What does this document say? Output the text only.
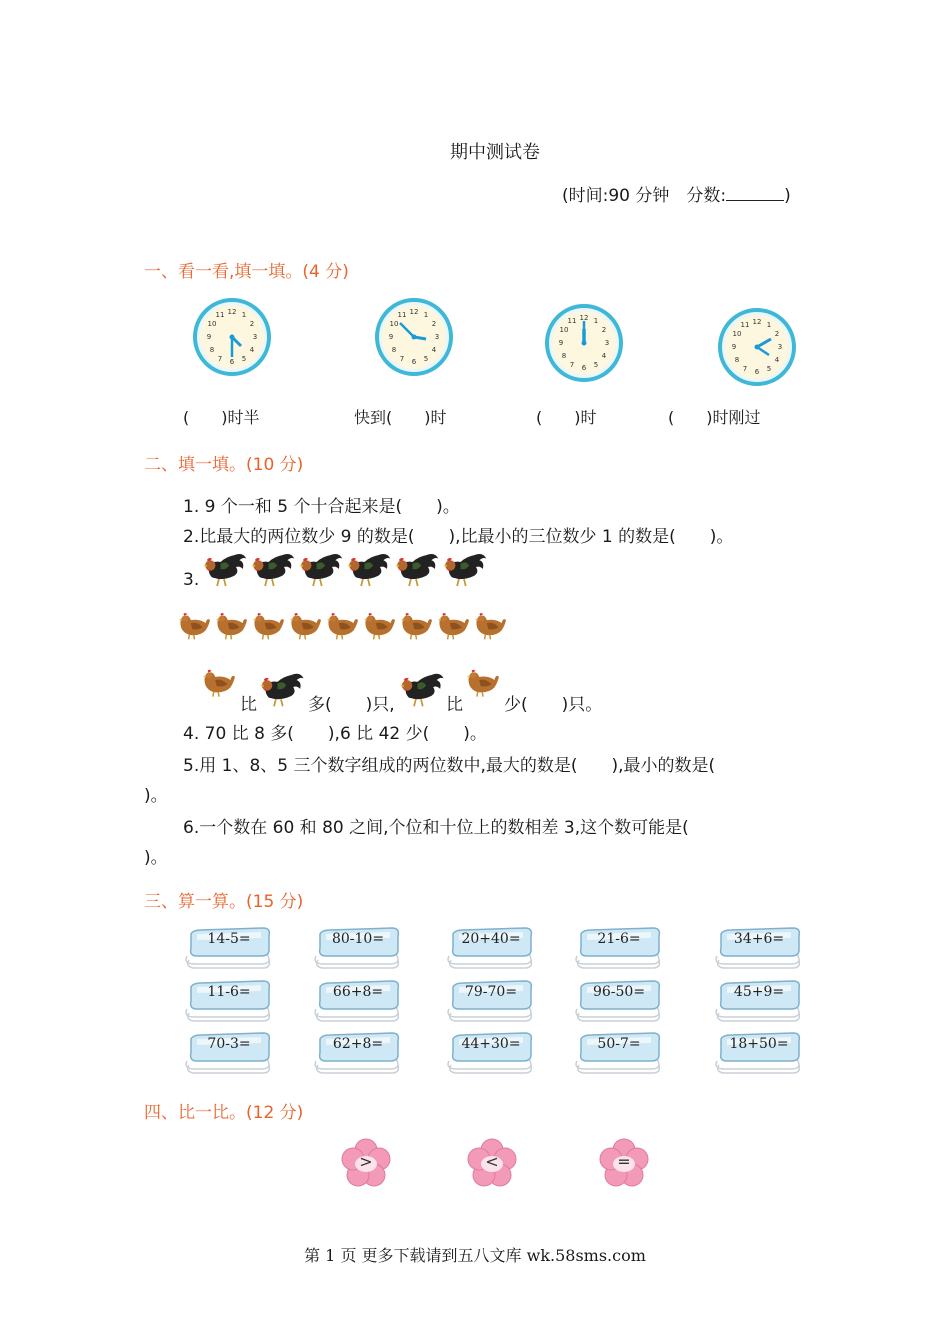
期中测试卷
(时间:90 分钟　分数:	)
一、看一看,填一填。(4 分)
12 1
2
3
4
5
6
7
8
9
10
11	12 1
2
3
4
5
6
7
8
9
10
11	12 1
2
3
4
5
6
7
8
9
10
11	12 1
2
3
4
5
6
7
8
9
10
11
(　　)时半	快到(　　)时	(　　)时	(　　)时刚过
二、填一填。(10 分)
1. 9 个一和 5 个十合起来是(　　)。
2.比最大的两位数少 9 的数是(　　),比最小的三位数少 1 的数是(　　)。
3.
比	多(　　)只,	比 少(　　)只。
4. 70 比 8 多(　　),6 比 42 少(　　)。
5.用 1、8、5 三个数字组成的两位数中,最大的数是(　　),最小的数是(
)。
6.一个数在 60 和 80 之间,个位和十位上的数相差 3,这个数可能是(
)。
三、算一算。(15 分)
14-5=	80-10=	20+40=	21-6=	34+6=
11-6=	66+8=	79-70=	96-50=	45+9=
70-3=	62+8=	44+30=	50-7=	18+50=
四、比一比。(12 分)
>	<	=
第 1 页 更多下载请到五八文库 wk.58sms.com
